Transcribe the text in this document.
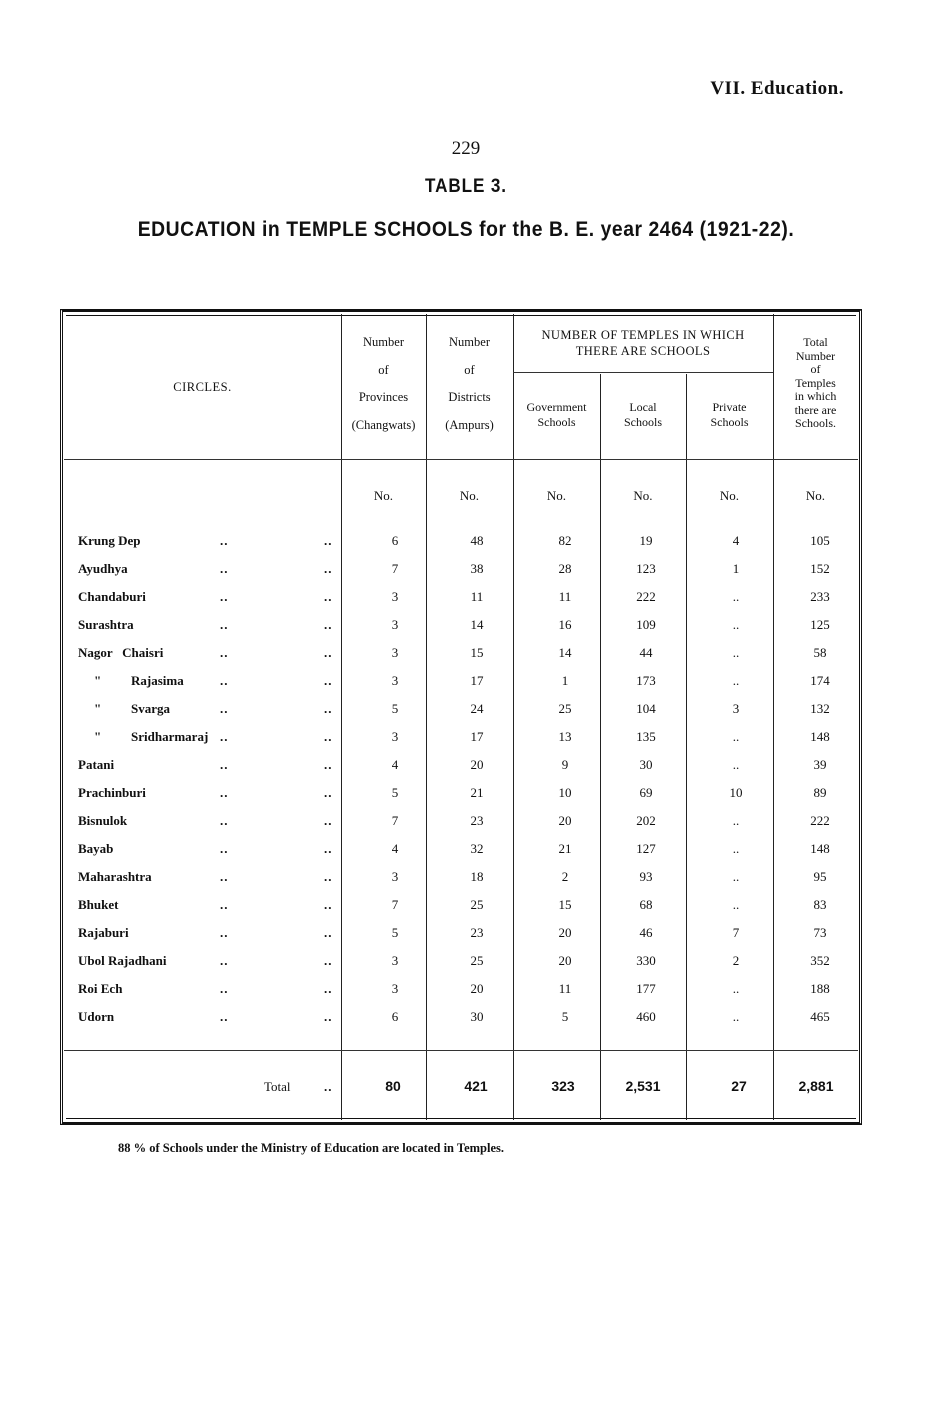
VII. Education.
229
TABLE 3.
EDUCATION in TEMPLE SCHOOLS for the B. E. year 2464 (1921-22).
CIRCLES.
Number
of
Provinces
(Changwats)
Number
of
Districts
(Ampurs)
NUMBER OF TEMPLES IN WHICH
THERE ARE SCHOOLS
Government
Schools
Local
Schools
Private
Schools
Total
Number
of
Temples
in which
there are
Schools.
No.	No.	No.	No.	No.	No.
Krung Dep	..	..	6	48	82	19	4	105
Ayudhya	..	..	7	38	28	123	1	152
Chandaburi	..	..	3	11	11	222	..	233
Surashtra	..	..	3	14	16	109	..	125
Nagor   Chaisri	..	..	3	15	14	44	..	58
" Rajasima	..	..	3	17	1	173	..	174
" Svarga	..	..	5	24	25	104	3	132
" Sridharmaraj ..	..	3	17	13	135	..	148
Patani	..	..	4	20	9	30	..	39
Prachinburi	..	..	5	21	10	69	10	89
Bisnulok	..	..	7	23	20	202	..	222
Bayab	..	..	4	32	21	127	..	148
Maharashtra	..	..	3	18	2	93	..	95
Bhuket	..	..	7	25	15	68	..	83
Rajaburi	..	..	5	23	20	46	7	73
Ubol Rajadhani	..	..	3	25	20	330	2	352
Roi Ech	..	..	3	20	11	177	..	188
Udorn	..	..	6	30	5	460	..	465
Total	..	80	421	323	2,531	27	2,881
88 % of Schools under the Ministry of Education are located in Temples.
